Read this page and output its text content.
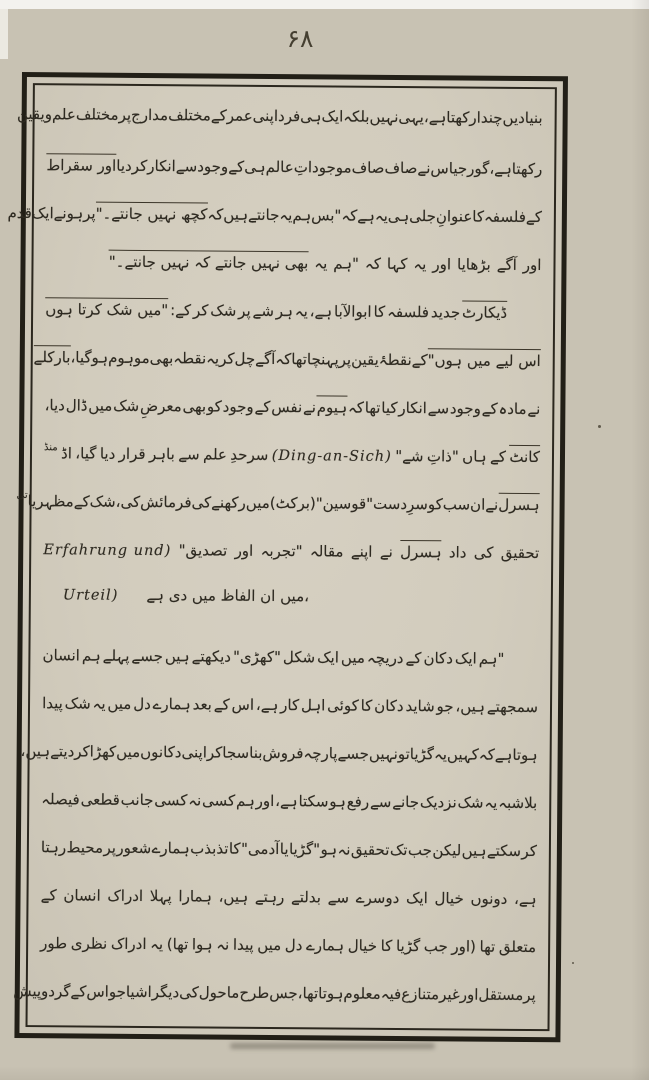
۶۸
بنیادیں
چند
ارکھتا
ہے،
یہی
نہیں
بلکہ
ایک
ہی
فرد
اپنی
عمر
کے
مختلف
مدارج
پر
مختلف
علم
و
یقین
رکھتا
ہے،
گورجیاس
نے
صاف
صاف
موجوداتِ
عالم
ہی
کے
وجود
سے
انکار
کر
دیا
اور سقراط
کے
فلسفہ
کا
عنوانِ
جلی
ہی
یہ
ہے
کہ
"بس
ہم
یہ
جانتے
ہیں
کہ
کچھ نہیں جانتے۔"
پرہونے
ایک
قدم
اور
آگے
بڑھایا
اور
یہ
کہا
کہ
"ہم
یہ
بھی نہیں جانتے کہ نہیں جانتے۔"
ڈیکارٹ
جدید
فلسفہ
کا
ابوالآبا
ہے،
یہ
ہر
شے
پر
شک
کر
کے:
"میں شک کرتا ہوں
اس لیے میں ہوں"
کے
نقطۂ
یقین
پر
پہنچا
تھا
کہ
آگے
چل
کر
یہ
نقطہ
بھی
موہوم
ہو
گیا،
بارکلے
نے
مادہ
کے
وجود
سے
انکار
کیا
تھا
کہ
ہیوم
نے
نفس
کے
وجود
کو
بھی
معرضِ
شک
میں
ڈال
دیا،
کانٹ
کے
ہاں
"ذاتِ
شے"
(Ding-an-Sich)
سرحدِ
علم
سے
باہر
قرار
دیا
گیا،
اڈ
منڈ
ہسرل
نے
ان
سب
کو
سرِ
دست
"قوسین"
(برکٹ)
میں
رکھنے
کی
فرمائش
کی،
شک
کے
مظہریا
تی
تحقیق
کی
داد
ہسرل
نے
اپنے
مقالہ
"تجربہ
اور
تصدیق"
(Erfahrung und
Urteil) میں ان الفاظ میں دی ہے،
"ہم
ایک
دکان
کے
دریچہ
میں
ایک
شکل
"کھڑی"
دیکھتے
ہیں
جسے
پہلے
ہم
انسان
سمجھتے
ہیں،
جو
شاید
دکان
کا
کوئی
اہل
کار
ہے،
اس
کے
بعد
ہمارے
دل
میں
یہ
شک
پیدا
ہوتا
ہے
کہ
کہیں
یہ
گڑیا
تو
نہیں
جسے
پارچہ
فروش
بنا
سجا
کر
اپنی
دکانوں
میں
کھڑا
کر
دیتے
ہیں،
بلاشبہ
یہ
شک
نزدیک
جانے
سے
رفع
ہو
سکتا
ہے،
اور
ہم
کسی
نہ
کسی
جانب
قطعی
فیصلہ
کر
سکتے
ہیں
لیکن
جب
تک
تحقیق
نہ
ہو
"گڑیا
یا
آدمی"
کا
تذبذب
ہمارے
شعور
پر
محیط
رہتا
ہے،
دونوں
خیال
ایک
دوسرے
سے
بدلتے
رہتے
ہیں،
ہمارا
پہلا
ادراک
انسان
کے
متعلق
تھا
(اور
جب
گڑیا
کا
خیال
ہمارے
دل
میں
پیدا
نہ
ہوا
تھا)
یہ
ادراک
نظری
طور
پر
مستقل
اور
غیر
متنازع
فیہ
معلوم
ہوتا
تھا،
جس
طرح
ماحول
کی
دیگر
اشیا
جو
اس
کے
گرد
و
پیش
